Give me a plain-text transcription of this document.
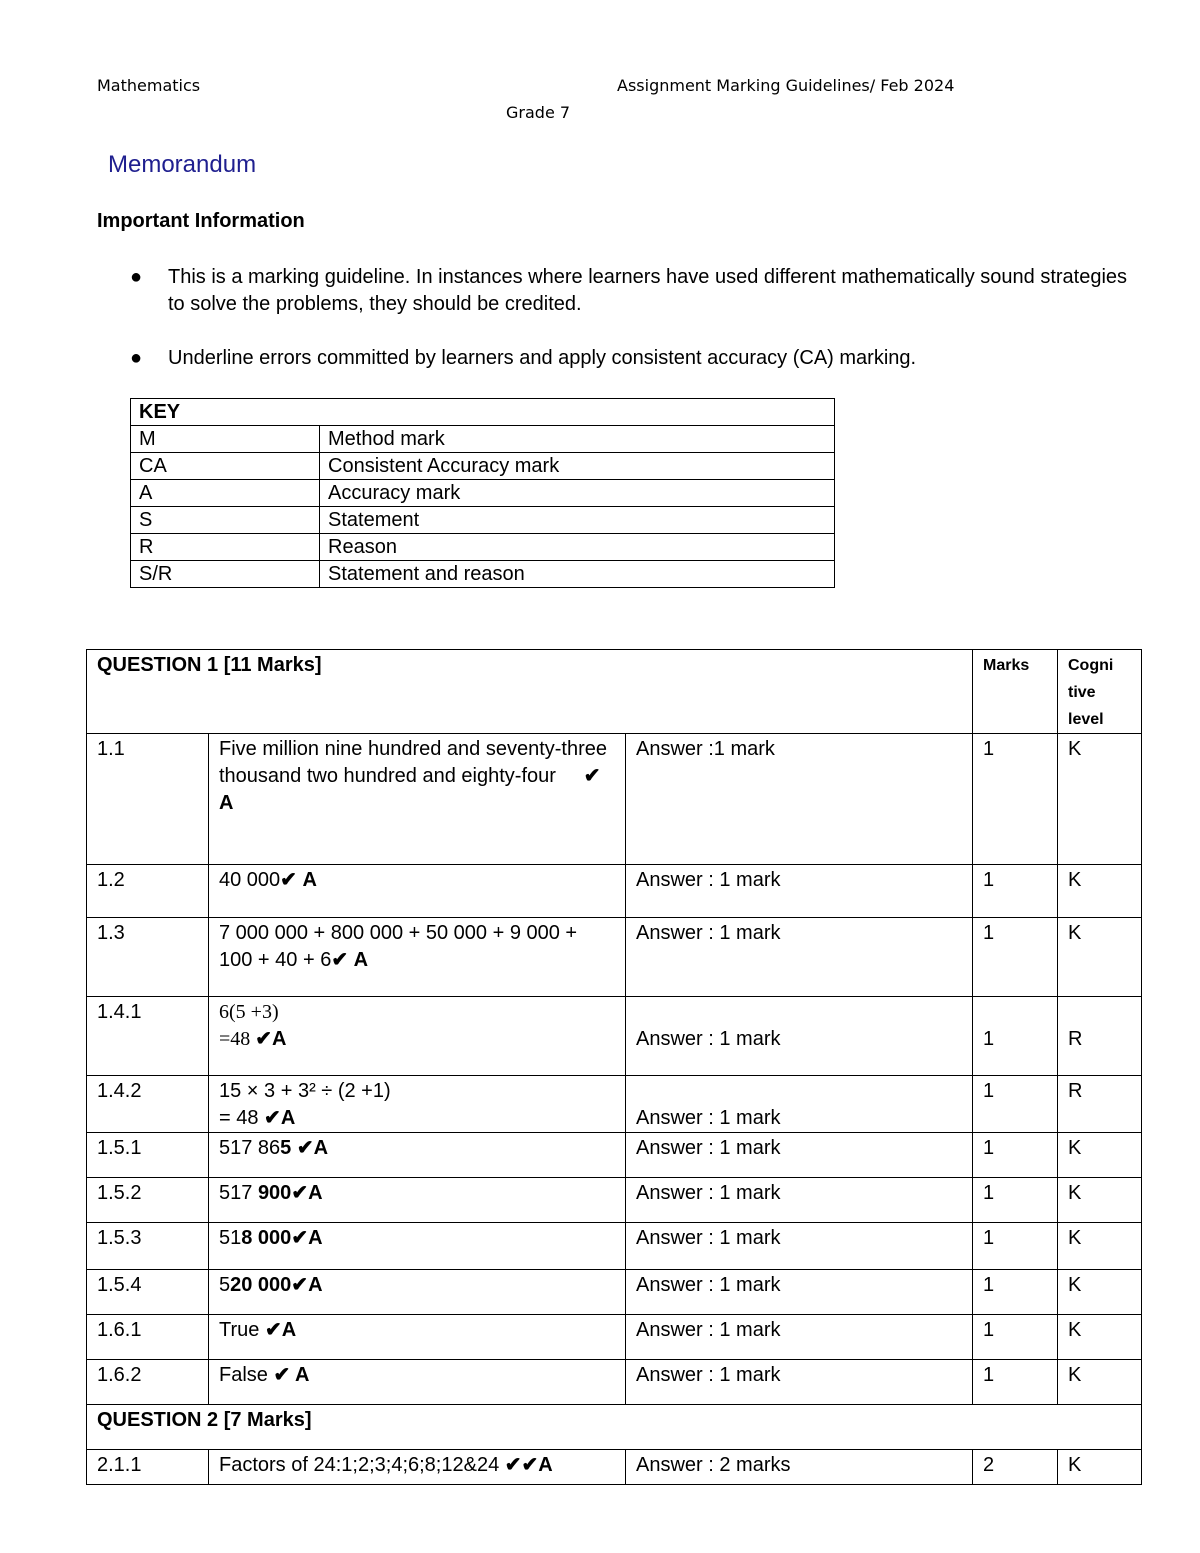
Mathematics	Assignment Marking Guidelines/ Feb 2024
Grade 7
Memorandum
Important Information
● This is a marking guideline. In instances where learners have used different mathematically sound strategies to solve the problems, they should be credited.
● Underline errors committed by learners and apply consistent accuracy (CA) marking.
KEY	
M	Method mark
CA	Consistent Accuracy mark
A	Accuracy mark
S	Statement
R	Reason
S/R	Statement and reason
QUESTION 1 [11 Marks]			Marks	Cogni tive level
1.1	Five million nine hundred and seventy-three thousand two hundred and eighty-four ✔ A	Answer :1 mark	1	K
1.2	40 000✔ A	Answer : 1 mark	1	K
1.3	7 000 000 + 800 000 + 50 000 + 9 000 + 100 + 40 + 6✔ A	Answer : 1 mark	1	K
1.4.1	6(5 +3)
=48 ✔A	Answer : 1 mark	1	R
1.4.2	15 × 3 + 3² ÷ (2 +1)
= 48 ✔A	Answer : 1 mark	1	R
1.5.1	517 865 ✔A	Answer : 1 mark	1	K
1.5.2	517 900✔A	Answer : 1 mark	1	K
1.5.3	518 000✔A	Answer : 1 mark	1	K
1.5.4	520 000✔A	Answer : 1 mark	1	K
1.6.1	True ✔A	Answer : 1 mark	1	K
1.6.2	False ✔ A	Answer : 1 mark	1	K
QUESTION 2 [7 Marks]				
2.1.1	Factors of 24:1;2;3;4;6;8;12&24 ✔✔A	Answer : 2 marks	2	K
